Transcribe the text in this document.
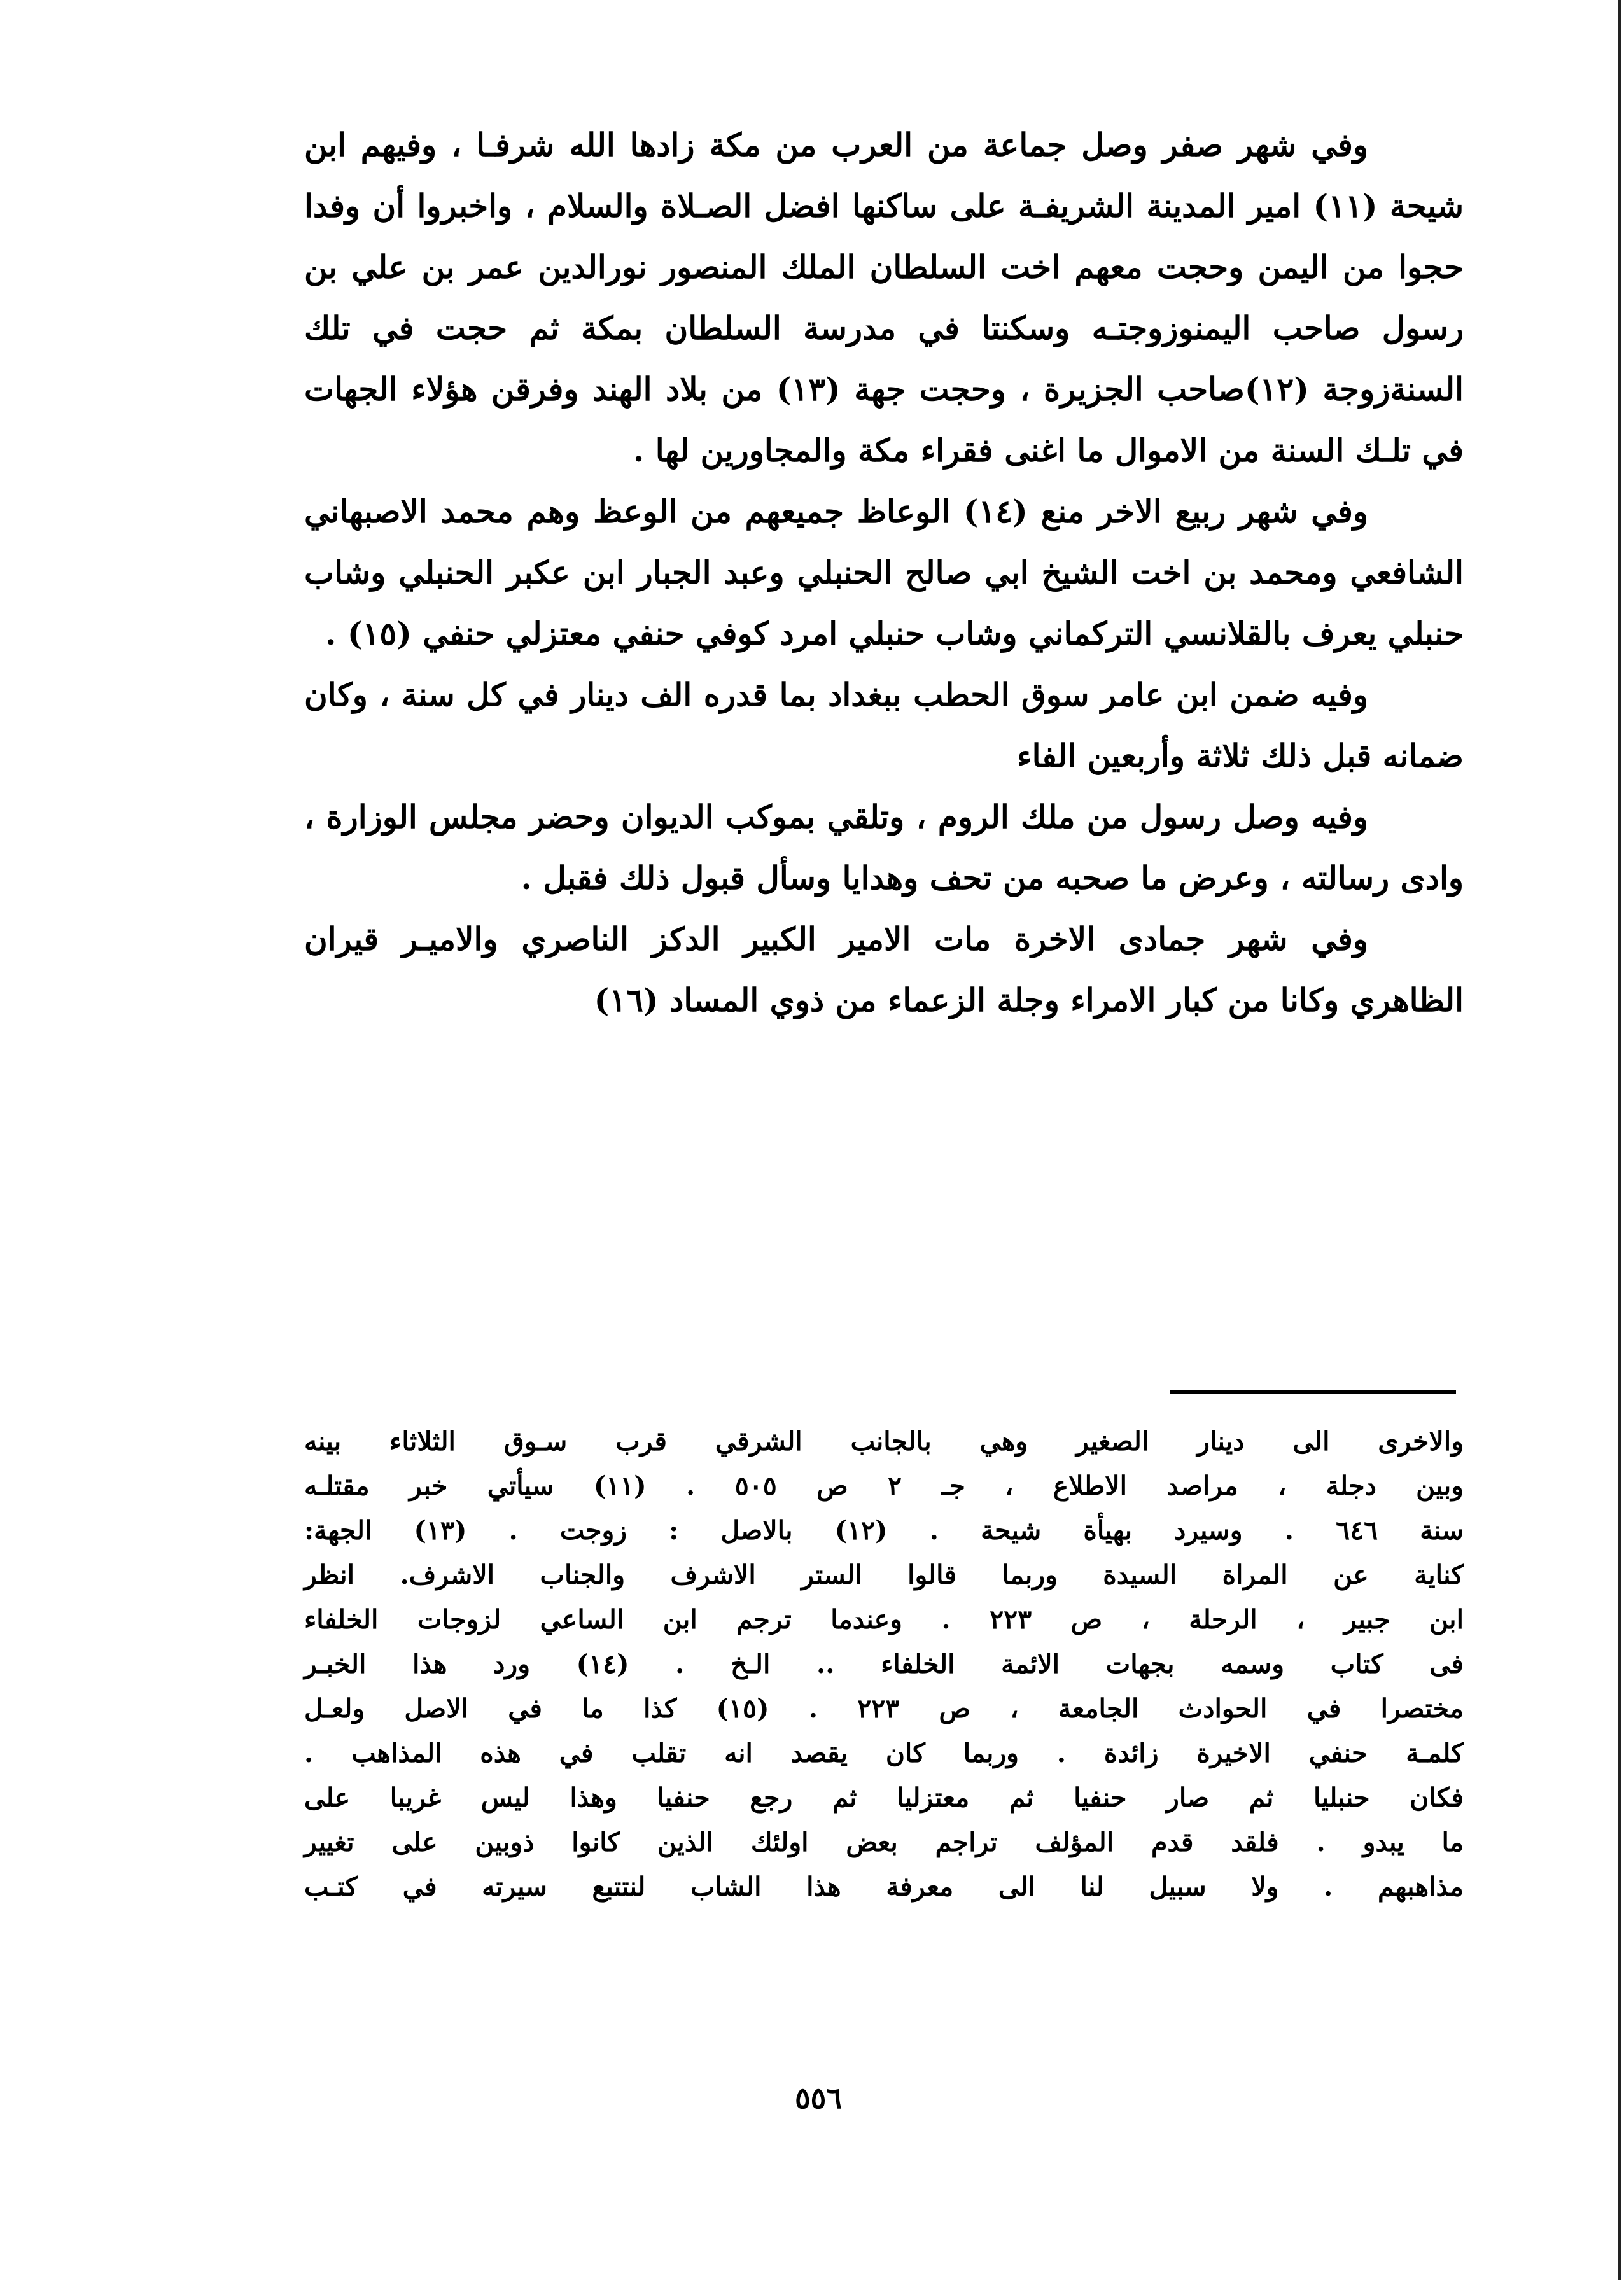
وفي شهر صفر وصل جماعة من العرب من مكة زادها الله شرفـا ، وفيهم ابن شيحة (١١) امير المدينة الشريفـة على ساكنها افضل الصـلاة والسلام ، واخبروا أن وفدا حجوا من اليمن وحجت معهم اخت السلطان الملك المنصور نورالدين عمر بن علي بن رسول صاحب اليمنوزوجتـه وسكنتا في مدرسة السلطان بمكة ثم حجت في تلك السنةزوجة (١٢)صاحب الجزيرة ، وحجت جهة (١٣) من بلاد الهند وفرقن هؤلاء الجهات في تلـك السنة من الاموال ما اغنى فقراء مكة والمجاورين لها .

وفي شهر ربيع الاخر منع (١٤) الوعاظ جميعهم من الوعظ وهم محمد الاصبهاني الشافعي ومحمد بن اخت الشيخ ابي صالح الحنبلي وعبد الجبار ابن عكبر الحنبلي وشاب حنبلي يعرف بالقلانسي التركماني وشاب حنبلي امرد كوفي حنفي معتزلي حنفي (١٥) .

وفيه ضمن ابن عامر سوق الحطب ببغداد بما قدره الف دينار في كل سنة ، وكان ضمانه قبل ذلك ثلاثة وأربعين الفاء

وفيه وصل رسول من ملك الروم ، وتلقي بموكب الديوان وحضر مجلس الوزارة ، وادى رسالته ، وعرض ما صحبه من تحف وهدايا وسأل قبول ذلك فقبل .

وفي شهر جمادى الاخرة مات الامير الكبير الدكز الناصري والاميـر قيران الظاهري وكانا من كبار الامراء وجلة الزعماء من ذوي المساد (١٦)

والاخرى الى دينار الصغير وهي بالجانب الشرقي قرب سـوق الثلاثاء بينه

وبين دجلة ، مراصد الاطلاع ، جـ ٢ ص ٥٠٥ . (١١) سيأتي خبر مقتلـه

سنة ٦٤٦ . وسيرد بهيأة شيحة . (١٢) بالاصل : زوجت . (١٣) الجهة:

كناية عن المراة السيدة وربما قالوا الستر الاشرف والجناب الاشرف. انظر

ابن جبير ، الرحلة ، ص ٢٢٣ . وعندما ترجم ابن الساعي لزوجات الخلفاء

فى كتاب وسمه بجهات الائمة الخلفاء .. الـخ . (١٤) ورد هذا الخبـر

مختصرا في الحوادث الجامعة ، ص ٢٢٣ . (١٥) كذا ما في الاصل ولعـل

كلمـة حنفي الاخيرة زائدة . وربما كان يقصد انه تقلب في هذه المذاهب .

فكان حنبليا ثم صار حنفيا ثم معتزليا ثم رجع حنفيا وهذا ليس غريبا على

ما يبدو . فلقد قدم المؤلف تراجم بعض اولئك الذين كانوا ذوبين على تغيير

مذاهبهم . ولا سبيل لنا الى معرفة هذا الشاب لنتتبع سيرته في كتـب

٥٥٦
